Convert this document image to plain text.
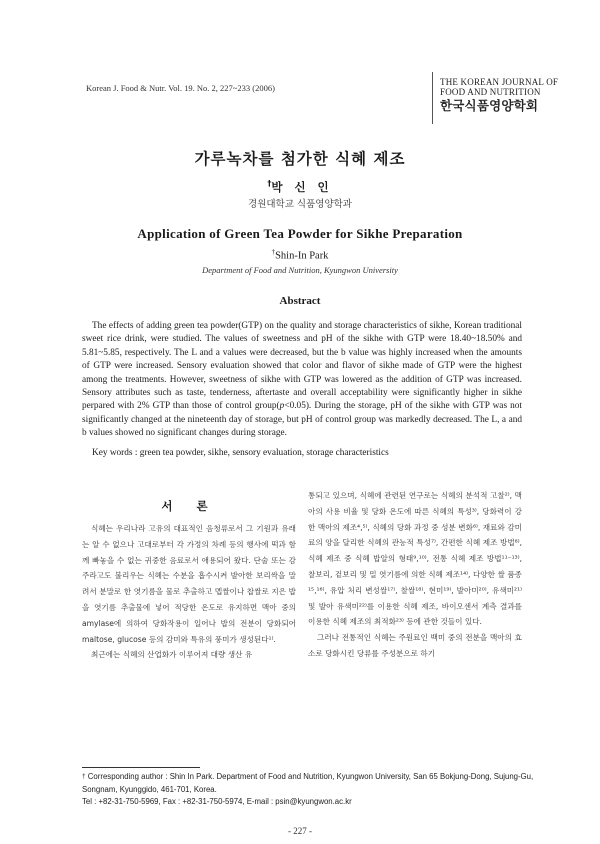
Korean J. Food & Nutr. Vol. 19. No. 2, 227~233 (2006)
THE KOREAN JOURNAL OF
FOOD AND NUTRITION
한국식품영양학회
가루녹차를 첨가한 식혜 제조
†박 신 인
경원대학교 식품영양학과
Application of Green Tea Powder for Sikhe Preparation
†Shin-In Park
Department of Food and Nutrition, Kyungwon University
Abstract
The effects of adding green tea powder(GTP) on the quality and storage characteristics of sikhe, Korean traditional sweet rice drink, were studied. The values of sweetness and pH of the sikhe with GTP were 18.40~18.50% and 5.81~5.85, respectively. The L and a values were decreased, but the b value was highly increased when the amounts of GTP were increased. Sensory evaluation showed that color and flavor of sikhe made of GTP were the highest among the treatments. However, sweetness of sikhe with GTP was lowered as the addition of GTP was increased. Sensory attributes such as taste, tenderness, aftertaste and overall acceptability were significantly higher in sikhe perpared with 2% GTP than those of control group(p<0.05). During the storage, pH of the sikhe with GTP was not significantly changed at the nineteenth day of storage, but pH of control group was markedly decreased. The L, a and b values showed no significant changes during storage.
Key words : green tea powder, sikhe, sensory evaluation, storage characteristics
서 론

식혜는 우리나라 고유의 대표적인 음청류로서 그 기원과 유래는 알 수 없으나 고대로부터 각 가정의 차례 등의 행사에 떡과 함께 빠놓을 수 없는 귀중한 음료로서 애용되어 왔다. 단술 또는 감주라고도 불리우는 식혜는 수분을 흡수시켜 발아한 보리싹을 말려서 분말로 한 엿기름을 물로 추출하고 멥쌀이나 찹쌀로 지은 밥을 엿기름 추출물에 넣어 적당한 온도로 유지하면 맥아 중의 amylase에 의하여 당화작용이 일어나 밥의 전분이 당화되어 maltose, glucose 등의 감미와 특유의 풍미가 생성된다¹⁾.

최근에는 식혜의 산업화가 이루어져 대량 생산 유

통되고 있으며, 식혜에 관련된 연구로는 식혜의 분석적 고찰²⁾, 맥아의 사용 비율 및 당화 온도에 따른 식혜의 특성³⁾, 당화력이 강한 맥아의 제조⁴,⁵⁾, 식혜의 당화 과정 중 성분 변화⁶⁾, 재료와 감미료의 양을 달리한 식혜의 관능적 특성⁷⁾, 간편한 식혜 제조 방법⁸⁾, 식혜 제조 중 식혜 밥알의 형태⁹,¹⁰⁾, 전통 식혜 제조 방법¹¹⁻¹³⁾, 찰보리, 겉보리 및 밀 엿기름에 의한 식혜 제조¹⁴⁾, 다양한 쌀 품종¹⁵,¹⁶⁾, 유압 처리 변성쌀¹⁷⁾, 찰쌀¹⁸⁾, 현미¹⁹⁾, 발아미²⁰⁾, 유색미²¹⁾ 및 발아 유색미²²⁾를 이용한 식혜 제조, 바이오센서 계측 결과를 이용한 식혜 제조의 최적화²³⁾ 등에 관한 것들이 있다.

그러나 전통적인 식혜는 주원료인 백미 중의 전분을 맥아의 효소로 당화시킨 당류를 주성분으로 하기

† Corresponding author : Shin In Park. Department of Food and Nutrition, Kyungwon University, San 65 Bokjung-Dong, Sujung-Gu, Songnam, Kyunggido, 461-701, Korea.
Tel : +82-31-750-5969, Fax : +82-31-750-5974, E-mail : psin@kyungwon.ac.kr
- 227 -
